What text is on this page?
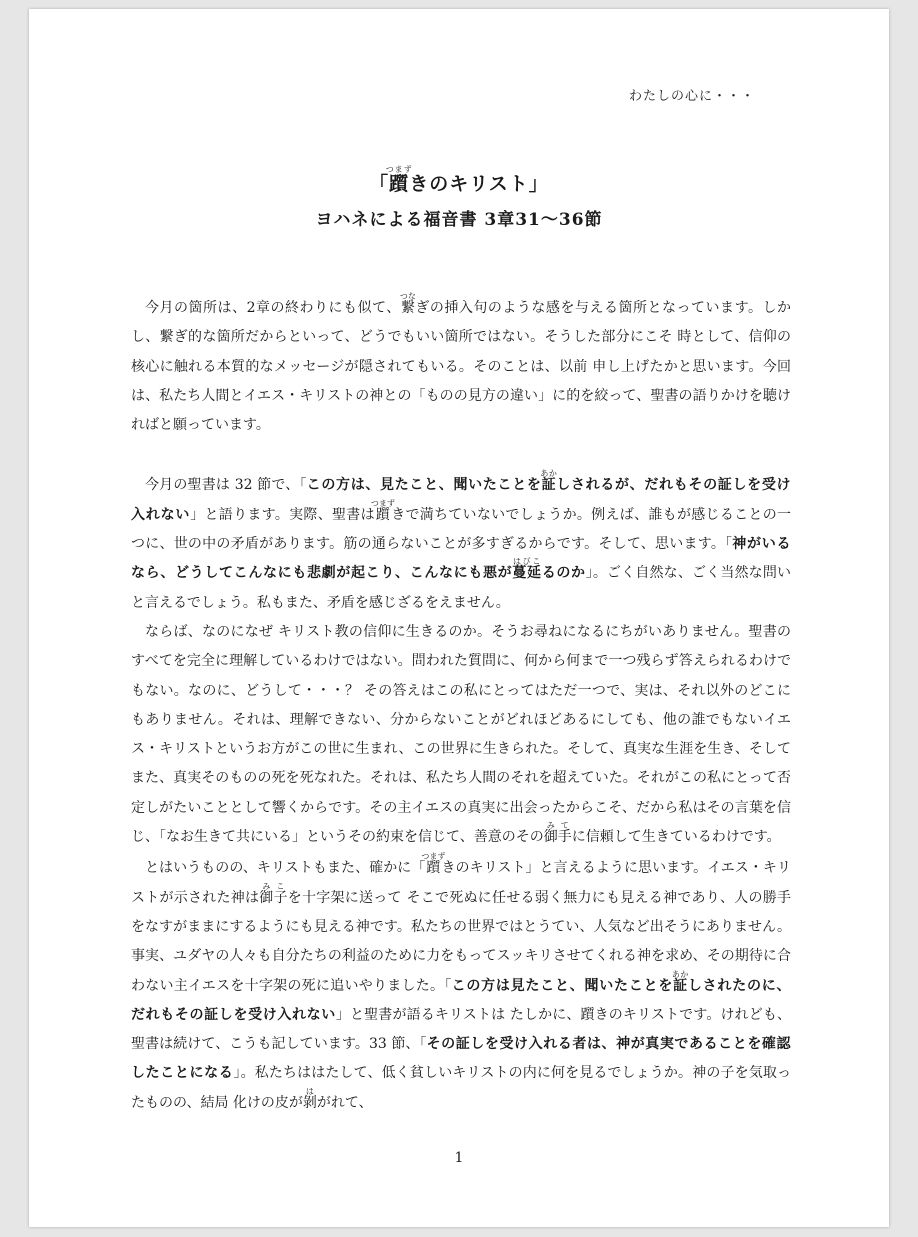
わたしの心に・・・
「躓つまずきのキリスト」
ヨハネによる福音書 3章31〜36節

今月の箇所は、2章の終わりにも似て、繋つなぎの挿入句のような感を与える箇所となっています。しかし、繋ぎ的な箇所だからといって、どうでもいい箇所ではない。そうした部分にこそ 時として、信仰の核心に触れる本質的なメッセージが隠されてもいる。そのことは、以前 申し上げたかと思います。今回は、私たち人間とイエス・キリストの神との「ものの見方の違い」に的を絞って、聖書の語りかけを聴ければと願っています。

今月の聖書は 32 節で、「この方は、見たこと、聞いたことを証あかしされるが、だれもその証しを受け入れない」と語ります。実際、聖書は躓つまずきで満ちていないでしょうか。例えば、誰もが感じることの一つに、世の中の矛盾があります。筋の通らないことが多すぎるからです。そして、思います。「神がいるなら、どうしてこんなにも悲劇が起こり、こんなにも悪が蔓延はびこるのか」。ごく自然な、ごく当然な問いと言えるでしょう。私もまた、矛盾を感じざるをえません。

ならば、なのになぜ キリスト教の信仰に生きるのか。そうお尋ねになるにちがいありません。聖書のすべてを完全に理解しているわけではない。問われた質問に、何から何まで一つ残らず答えられるわけでもない。なのに、どうして・・・？ その答えはこの私にとってはただ一つで、実は、それ以外のどこにもありません。それは、理解できない、分からないことがどれほどあるにしても、他の誰でもないイエス・キリストというお方がこの世に生まれ、この世界に生きられた。そして、真実な生涯を生き、そしてまた、真実そのものの死を死なれた。それは、私たち人間のそれを超えていた。それがこの私にとって否定しがたいこととして響くからです。その主イエスの真実に出会ったからこそ、だから私はその言葉を信じ、「なお生きて共にいる」というその約束を信じて、善意のその御手みてに信頼して生きているわけです。

とはいうものの、キリストもまた、確かに「躓つまずきのキリスト」と言えるように思います。イエス・キリストが示された神は御子みこを十字架に送って そこで死ぬに任せる弱く無力にも見える神であり、人の勝手をなすがままにするようにも見える神です。私たちの世界ではとうてい、人気など出そうにありません。事実、ユダヤの人々も自分たちの利益のために力をもってスッキリさせてくれる神を求め、その期待に合わない主イエスを十字架の死に追いやりました。「この方は見たこと、聞いたことを証あかしされたのに、だれもその証しを受け入れない」と聖書が語るキリストは たしかに、躓きのキリストです。けれども、聖書は続けて、こうも記しています。33 節、「その証しを受け入れる者は、神が真実であることを確認したことになる」。私たちははたして、低く貧しいキリストの内に何を見るでしょうか。神の子を気取ったものの、結局 化けの皮が剝はがれて、

1
